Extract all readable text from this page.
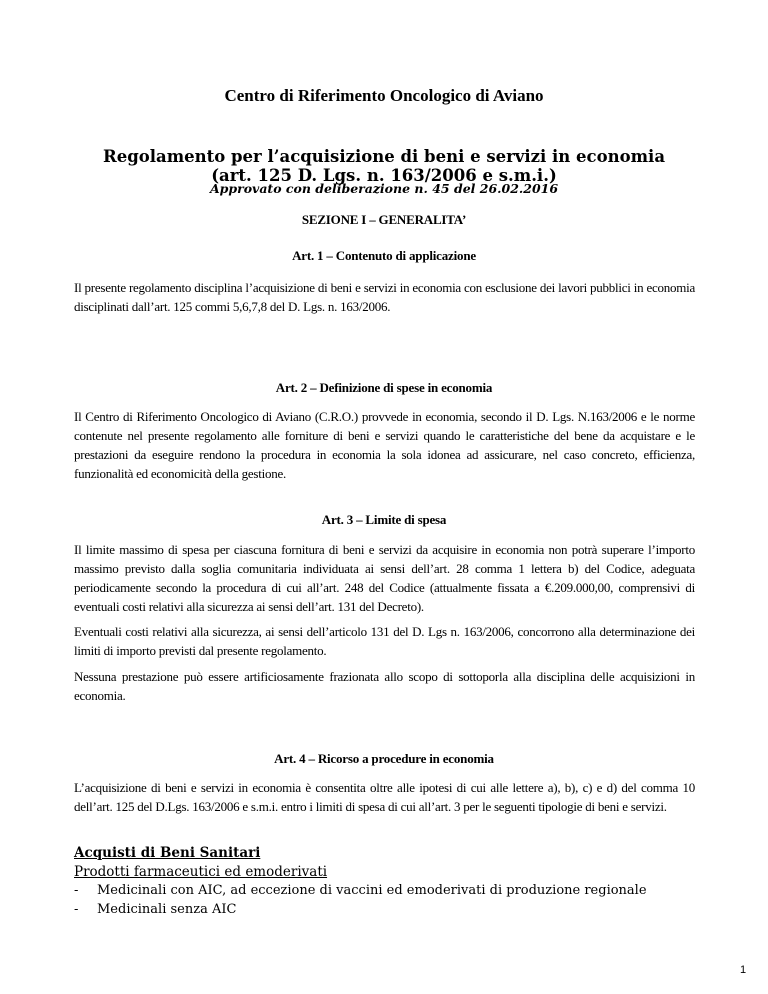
Centro di Riferimento Oncologico di Aviano
Regolamento per l’acquisizione di beni e servizi in economia
(art. 125 D. Lgs. n. 163/2006 e s.m.i.)
Approvato con deliberazione n. 45 del 26.02.2016
SEZIONE I – GENERALITA’
Art. 1 – Contenuto di applicazione
Il presente regolamento disciplina l’acquisizione di beni e servizi in economia con esclusione dei lavori pubblici in economia disciplinati dall’art. 125 commi 5,6,7,8 del D. Lgs. n. 163/2006.
Art. 2 – Definizione di spese in economia
Il Centro di Riferimento Oncologico di Aviano (C.R.O.) provvede in economia, secondo il D. Lgs. N.163/2006 e le norme contenute nel presente regolamento alle forniture di beni e servizi quando le caratteristiche del bene da acquistare e le prestazioni da eseguire rendono la procedura in economia la sola idonea ad assicurare, nel caso concreto, efficienza, funzionalità ed economicità della gestione.
Art. 3 – Limite di spesa
Il limite massimo di spesa per ciascuna fornitura di beni e servizi da acquisire in economia non potrà superare l’importo massimo previsto dalla soglia comunitaria individuata ai sensi dell’art. 28 comma 1 lettera b) del Codice, adeguata periodicamente secondo la procedura di cui all’art. 248 del Codice (attualmente fissata a €.209.000,00, comprensivi di eventuali costi relativi alla sicurezza ai sensi dell’art. 131 del Decreto).
Eventuali costi relativi alla sicurezza, ai sensi dell’articolo 131 del D. Lgs n. 163/2006, concorrono alla determinazione dei limiti di importo previsti dal presente regolamento.
Nessuna prestazione può essere artificiosamente frazionata allo scopo di sottoporla alla disciplina delle acquisizioni in economia.
Art. 4 – Ricorso a procedure in economia
L’acquisizione di beni e servizi in economia è consentita oltre alle ipotesi di cui alle lettere a), b), c) e d) del comma 10 dell’art. 125 del D.Lgs. 163/2006 e s.m.i. entro i limiti di spesa di cui all’art. 3 per le seguenti tipologie di beni e servizi.
Acquisti di Beni Sanitari
Prodotti farmaceutici ed emoderivati
- Medicinali con AIC, ad eccezione di vaccini ed emoderivati di produzione regionale
- Medicinali senza AIC
1
